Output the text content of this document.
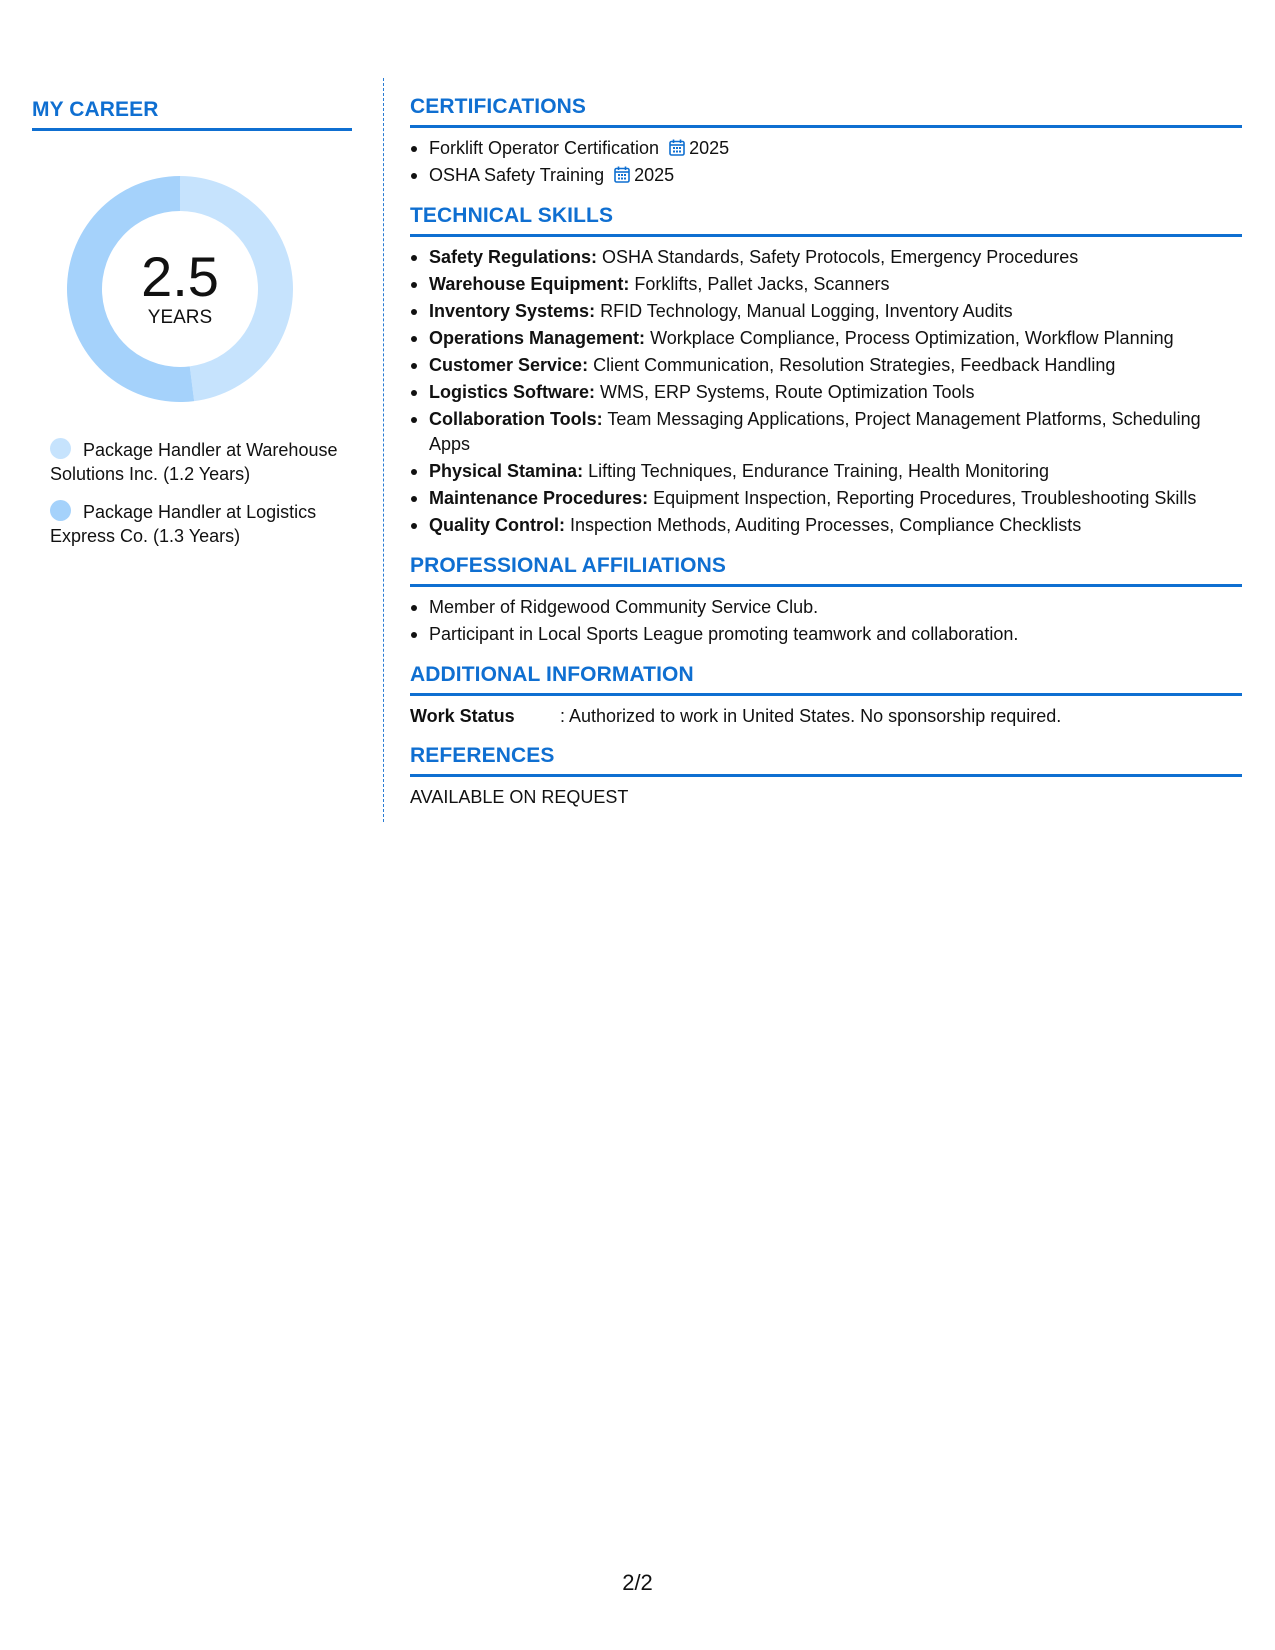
MY CAREER
2.5
YEARS
Package Handler at Warehouse Solutions Inc. (1.2 Years)
Package Handler at Logistics Express Co. (1.3 Years)
CERTIFICATIONS
Forklift Operator Certification 2025
OSHA Safety Training 2025
TECHNICAL SKILLS
Safety Regulations: OSHA Standards, Safety Protocols, Emergency Procedures
Warehouse Equipment: Forklifts, Pallet Jacks, Scanners
Inventory Systems: RFID Technology, Manual Logging, Inventory Audits
Operations Management: Workplace Compliance, Process Optimization, Workflow Planning
Customer Service: Client Communication, Resolution Strategies, Feedback Handling
Logistics Software: WMS, ERP Systems, Route Optimization Tools
Collaboration Tools: Team Messaging Applications, Project Management Platforms, Scheduling Apps
Physical Stamina: Lifting Techniques, Endurance Training, Health Monitoring
Maintenance Procedures: Equipment Inspection, Reporting Procedures, Troubleshooting Skills
Quality Control: Inspection Methods, Auditing Processes, Compliance Checklists
PROFESSIONAL AFFILIATIONS
Member of Ridgewood Community Service Club.
Participant in Local Sports League promoting teamwork and collaboration.
ADDITIONAL INFORMATION
Work Status	: Authorized to work in United States. No sponsorship required.
REFERENCES
AVAILABLE ON REQUEST
2/2
